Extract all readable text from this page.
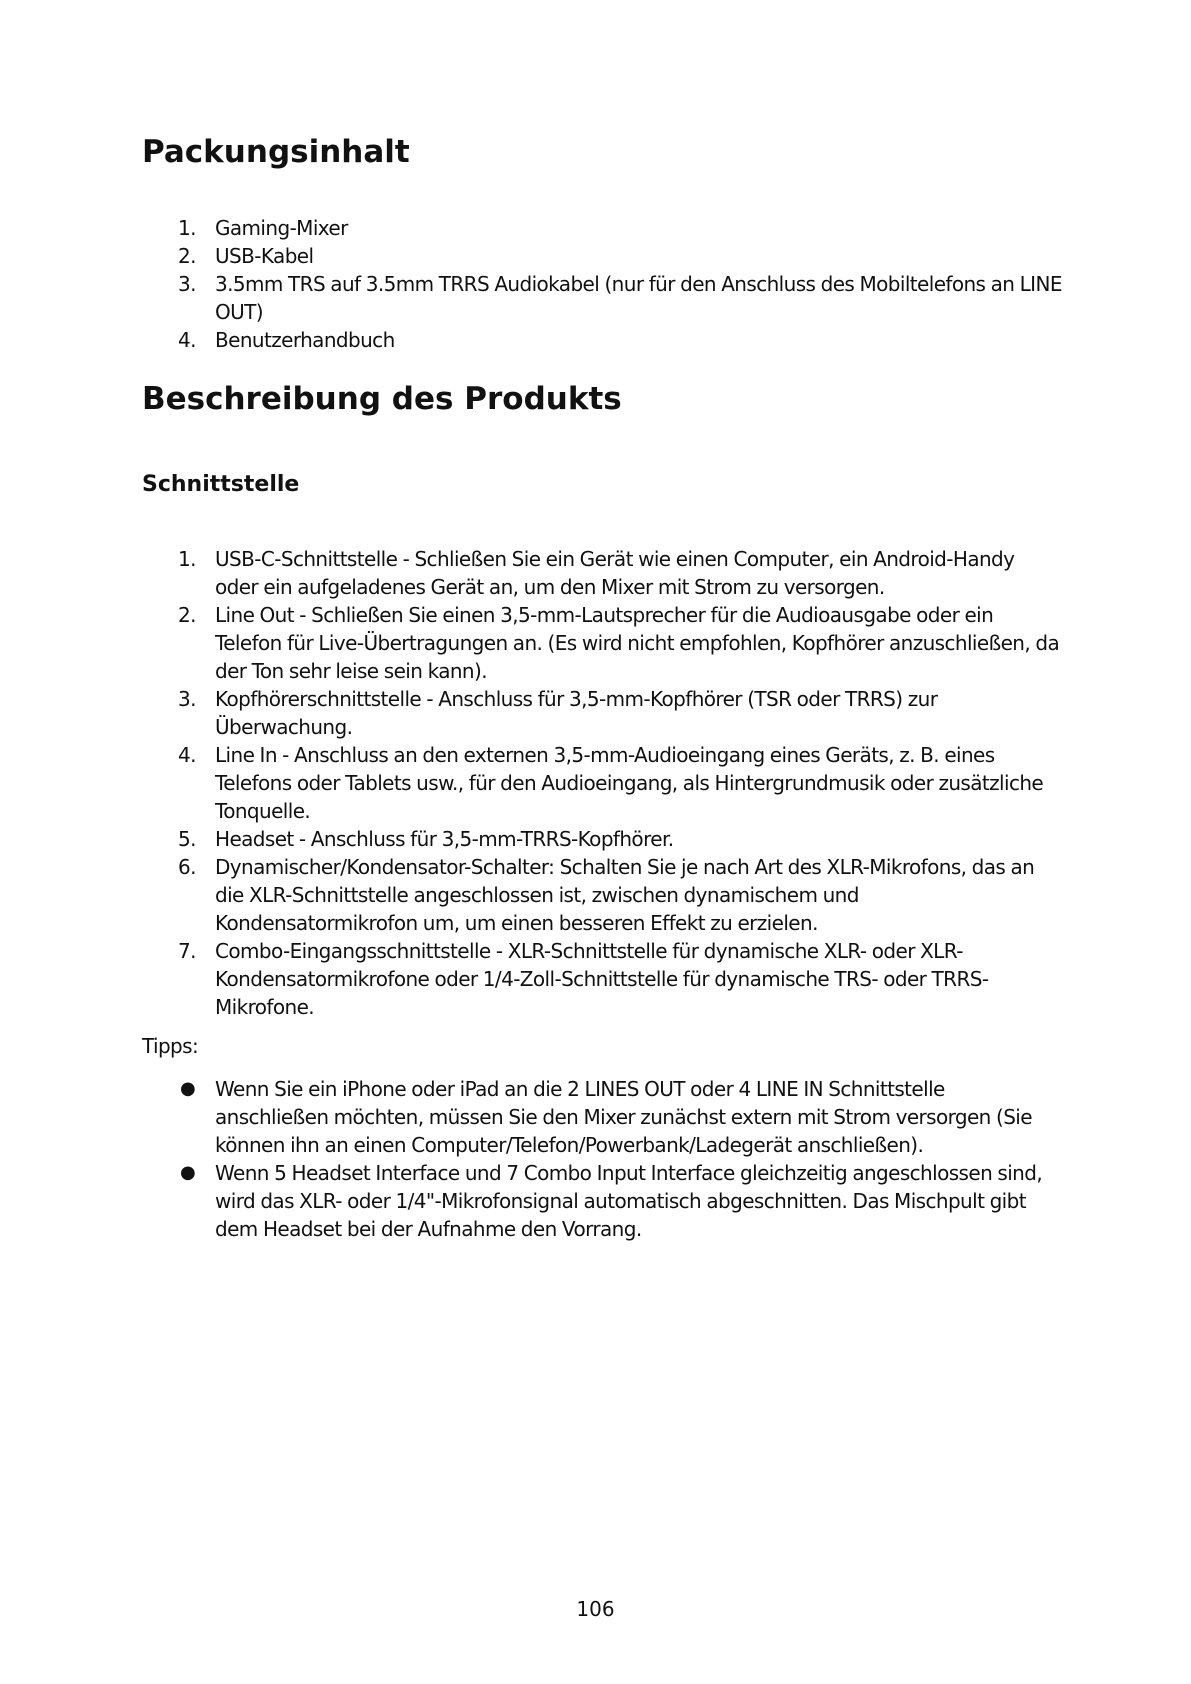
Packungsinhalt
1. Gaming-Mixer
2. USB-Kabel
3. 3.5mm TRS auf 3.5mm TRRS Audiokabel (nur für den Anschluss des Mobiltelefons an LINE OUT)
4. Benutzerhandbuch
Beschreibung des Produkts
Schnittstelle
1. USB-C-Schnittstelle - Schließen Sie ein Gerät wie einen Computer, ein Android-Handy oder ein aufgeladenes Gerät an, um den Mixer mit Strom zu versorgen.
2. Line Out - Schließen Sie einen 3,5-mm-Lautsprecher für die Audioausgabe oder ein Telefon für Live-Übertragungen an. (Es wird nicht empfohlen, Kopfhörer anzuschließen, da der Ton sehr leise sein kann).
3. Kopfhörerschnittstelle - Anschluss für 3,5-mm-Kopfhörer (TSR oder TRRS) zur Überwachung.
4. Line In - Anschluss an den externen 3,5-mm-Audioeingang eines Geräts, z. B. eines Telefons oder Tablets usw., für den Audioeingang, als Hintergrundmusik oder zusätzliche Tonquelle.
5. Headset - Anschluss für 3,5-mm-TRRS-Kopfhörer.
6. Dynamischer/Kondensator-Schalter: Schalten Sie je nach Art des XLR-Mikrofons, das an die XLR-Schnittstelle angeschlossen ist, zwischen dynamischem und Kondensatormikrofon um, um einen besseren Effekt zu erzielen.
7. Combo-Eingangsschnittstelle - XLR-Schnittstelle für dynamische XLR- oder XLR-Kondensatormikrofone oder 1/4-Zoll-Schnittstelle für dynamische TRS- oder TRRS-Mikrofone.
Tipps:
● Wenn Sie ein iPhone oder iPad an die 2 LINES OUT oder 4 LINE IN Schnittstelle anschließen möchten, müssen Sie den Mixer zunächst extern mit Strom versorgen (Sie können ihn an einen Computer/Telefon/Powerbank/Ladegerät anschließen).
● Wenn 5 Headset Interface und 7 Combo Input Interface gleichzeitig angeschlossen sind, wird das XLR- oder 1/4"-Mikrofonsignal automatisch abgeschnitten. Das Mischpult gibt dem Headset bei der Aufnahme den Vorrang.
106
